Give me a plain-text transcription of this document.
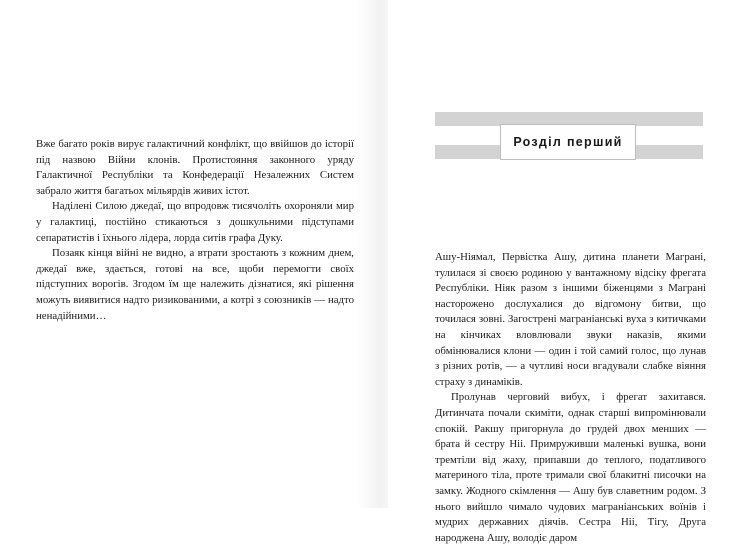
Вже багато років вирує галактичний конфлікт, що ввійшов до історії під назвою Війни клонів. Протистояння законного уряду Галактичної Республіки та Конфедерації Незалежних Систем забрало життя багатьох мільярдів живих істот.

Наділені Силою джедаї, що впродовж тисячоліть охороняли мир у галактиці, постійно стикаються з дошкульними підступами сепаратистів і їхнього лідера, лорда ситів графа Дуку.

Позаяк кінця війні не видно, а втрати зростають з кожним днем, джедаї вже, здається, готові на все, щоби перемогти своїх підступних ворогів. Згодом їм ще належить дізнатися, які рішення можуть виявитися надто ризикованими, а котрі з союзників — надто ненадійними…

Розділ перший

Ашу-Ніямал, Первістка Ашу, дитина планети Маграні, тулилася зі своєю родиною у вантажному відсіку фрегата Республіки. Ніяк разом з іншими біженцями з Маграні насторожено дослухалися до відгомону битви, що точилася зовні. Загострені маграніанські вуха з китичками на кінчиках вловлювали звуки наказів, якими обмінювалися клони — один і той самий голос, що лунав з різних ротів, — а чутливі носи вгадували слабке віяння страху з динаміків.

Пролунав черговий вибух, і фрегат захитався. Дитинчата почали скиміти, однак старші випромінювали спокій. Ракшу пригорнула до грудей двох менших — брата й сестру Ніі. Примруживши маленькі вушка, вони тремтіли від жаху, припавши до теплого, податливого материного тіла, проте тримали свої блакитні писочки на замку. Жодного скімлення — Ашу був славетним родом. З нього вийшло чимало чудових маграніанських воїнів і мудрих державних діячів. Сестра Ніі, Тігу, Друга народжена Ашу, володіє даром
